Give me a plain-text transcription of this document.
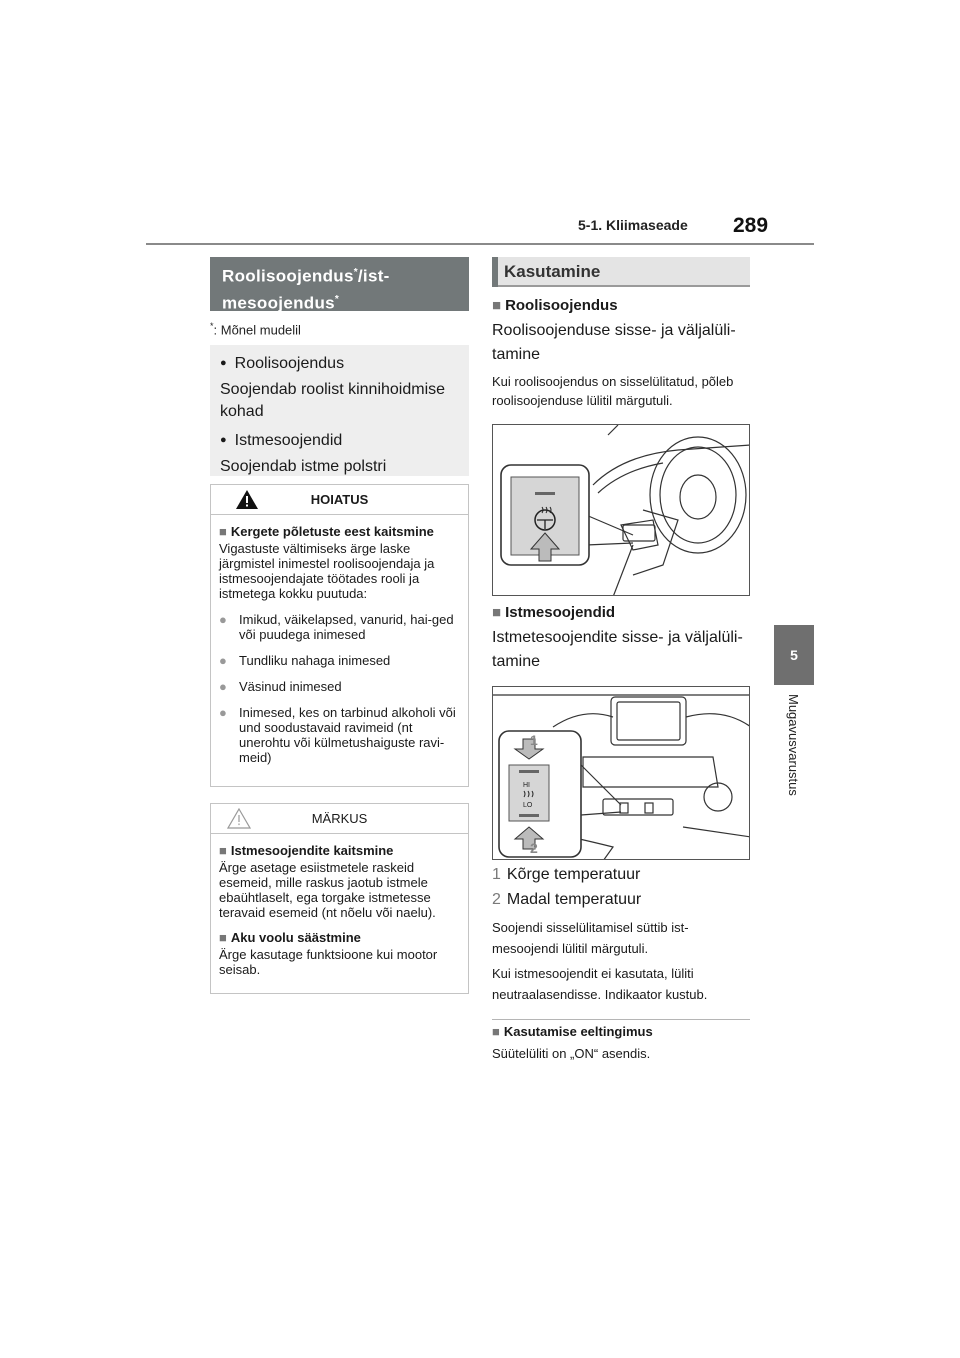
5-1. Kliimaseade 289
5
Mugavusvarustus
Roolisoojendus*/ist-
mesoojendus*
*: Mõnel mudelil
● Roolisoojendus
Soojendab roolist kinnihoidmise kohad
● Istmesoojendid
Soojendab istme polstri
HOIATUS
■ Kergete põletuste eest kaitsmine

Vigastuste vältimiseks ärge laske järgmistel inimestel roolisoojendaja ja istmesoojendajate töötades rooli ja istmetega kokku puutuda:

● Imikud, väikelapsed, vanurid, hai-ged või puudega inimesed
● Tundliku nahaga inimesed
● Väsinud inimesed
● Inimesed, kes on tarbinud alkoholi või und soodustavaid ravimeid (nt unerohtu või külmetushaiguste ravi-meid)
MÄRKUS
■ Istmesoojendite kaitsmine

Ärge asetage esiistmetele raskeid esemeid, mille raskus jaotub istmele ebaühtlaselt, ega torgake istmetesse teravaid esemeid (nt nõelu või naelu).

■ Aku voolu säästmine

Ärge kasutage funktsioone kui mootor seisab.

Kasutamine
■ Roolisoojendus
Roolisoojenduse sisse- ja väljalüli-tamine
Kui roolisoojendus on sisselülitatud, põleb roolisoojenduse lülitil märgutuli.
■ Istmesoojendid
Istmetesoojendite sisse- ja väljalüli-tamine
HI
LO
1
2
1 Kõrge temperatuur
2 Madal temperatuur
Soojendi sisselülitamisel süttib ist-mesoojendi lülitil märgutuli.
Kui istmesoojendit ei kasutata, lüliti neutraalasendisse. Indikaator kustub.
■ Kasutamise eeltingimus
Süütelüliti on „ON“ asendis.
